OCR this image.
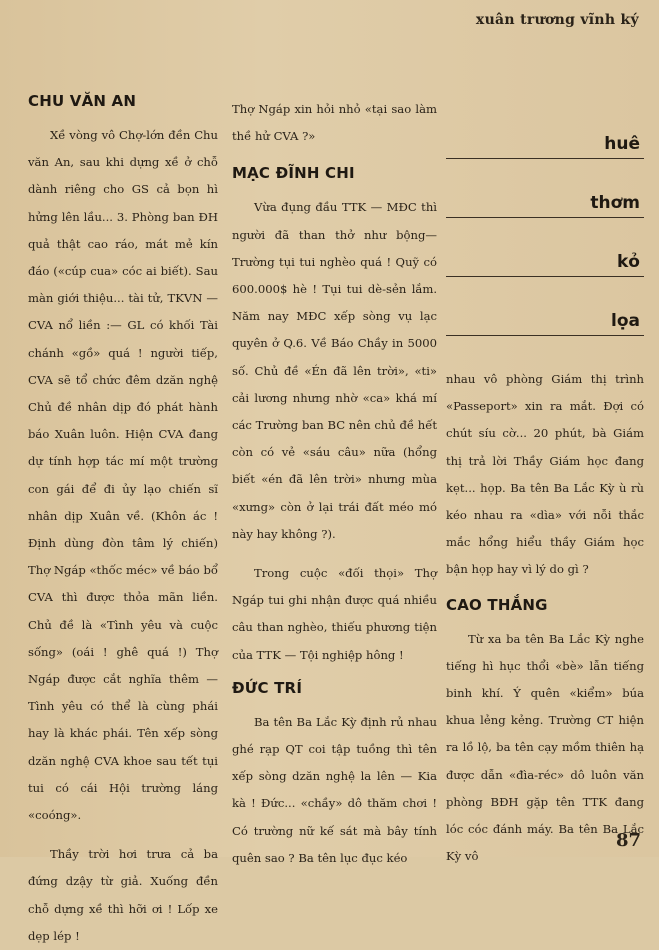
xuân trương vĩnh ký
CHU VĂN AN

Xề vòng vô Chợ-lớn đền Chu văn An, sau khi dựng xề ở chỗ dành riêng cho GS cả bọn hì hửng lên lầu... 3. Phòng ban ĐH quả thật cao ráo, mát mẻ kín đáo («cúp cua» cóc ai biết). Sau màn giới thiệu... tài tử, TKVN — CVA nổ liền :— GL có khối Tài chánh «gồ» quá ! người tiếp, CVA sẽ tổ chức đêm dzăn nghệ Chủ đề nhân dịp đó phát hành báo Xuân luôn. Hiện CVA đang dự tính hợp tác mí một trường con gái để đi ủy lạo chiến sĩ nhân dịp Xuân về. (Khôn ác ! Định dùng đòn tâm lý chiến) Thợ Ngáp «thốc méc» về báo bổ CVA thì được thỏa mãn liền. Chủ đề là «Tình yêu và cuộc sống» (oái ! ghê quá !) Thợ Ngáp được cắt nghĩa thêm — Tình yêu có thể là cùng phái hay là khác phái. Tên xếp sòng dzăn nghệ CVA khoe sau tết tụi tui có cái Hội trường láng «coóng».

Thầy trời hơi trưa cả ba đứng dzậy từ giả. Xuống đền chỗ dựng xề thì hỡi ơi ! Lốp xe dẹp lép !

Thợ Ngáp xin hỏi nhỏ «tại sao làm thề hử CVA ?»

MẠC ĐĨNH CHI

Vừa đụng đầu TTK — MĐC thì người đã than thở như bộng— Trường tụi tui nghèo quá ! Quỹ có 600.000$ hè ! Tụi tui dè-sẻn lắm. Năm nay MĐC xếp sòng vụ lạc quyên ở Q.6. Về Báo Chầy in 5000 số. Chủ đề «Én đã lên trời», «ti» cải lương nhưng nhờ «ca» khá mí các Trường ban BC nên chủ đề hết còn có vẻ «sáu câu» nữa (hổng biết «én đã lên trời» nhưng mùa «xưng» còn ở lại trái đất méo mó này hay không ?).

Trong cuộc «đối thọi» Thợ Ngáp tui ghi nhận được quá nhiều câu than nghèo, thiếu phương tiện của TTK — Tội nghiệp hông !

ĐỨC TRÍ

Ba tên Ba Lắc Kỳ định rủ nhau ghé rạp QT coi tập tuồng thì tên xếp sòng dzăn nghệ la lên — Kia kà ! Đức... «chầy» dô thăm chơi ! Có trường nữ kế sát mà bây tính quên sao ? Ba tên lục đục kéo

huê
thơm
kỏ
lọa

nhau vô phòng Giám thị trình «Passeport» xin ra mắt. Đợi có chút síu cờ... 20 phút, bà Giám thị trả lời Thầy Giám học đang kẹt... họp. Ba tên Ba Lắc Kỳ ù rù kéo nhau ra «dìa» với nỗi thắc mắc hổng hiểu thầy Giám học bận họp hay vì lý do gì ?

CAO THẮNG

Từ xa ba tên Ba Lắc Kỳ nghe tiếng hì hục thổi «bè» lẫn tiếng binh khí. Ý quên «kiểm» búa khua lẻng kẻng. Trường CT hiện ra lồ lộ, ba tên cạy mồm thiên hạ được dẫn «đìa-réc» dô luôn văn phòng BĐH gặp tên TTK đang lóc cóc đánh máy. Ba tên Ba Lắc Kỳ vô

87
